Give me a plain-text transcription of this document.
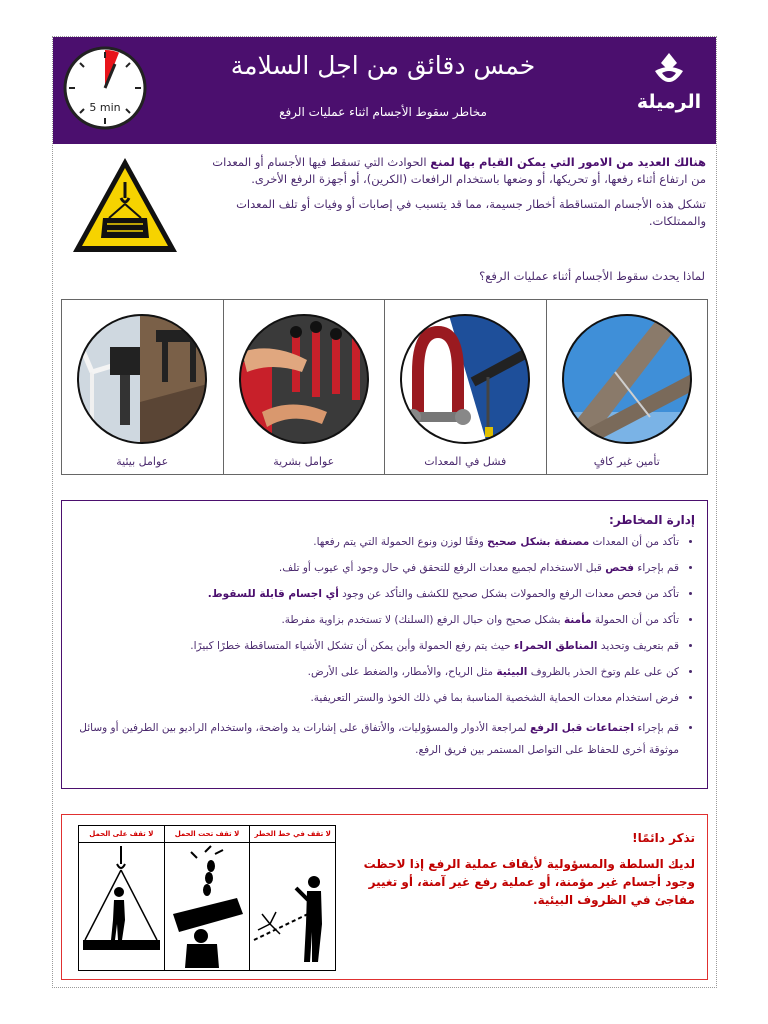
5 min
خمس دقائق من اجل السلامة
مخاطر سقوط الأجسام اثناء عمليات الرفع	الرميلة

هنالك العديد من الامور التي يمكن القيام بها لمنع الحوادث التي تسقط فيها الأجسام أو المعدات من ارتفاع أثناء رفعها، أو تحريكها، أو وضعها باستخدام الرافعات (الكرين)، أو أجهزة الرفع الأخرى.

تشكل هذه الأجسام المتساقطة أخطار جسيمة، مما قد يتسبب في إصابات أو وفيات أو تلف المعدات والممتلكات.

لماذا يحدث سقوط الأجسام أثناء عمليات الرفع؟
عوامل بيئية	عوامل بشرية	فشل في المعدات	تأمين غير كافٍ
إدارة المخاطر:
• تأكد من أن المعدات مصنفة بشكل صحيح وفقًا لوزن ونوع الحمولة التي يتم رفعها.
• قم بإجراء فحص قبل الاستخدام لجميع معدات الرفع للتحقق في حال وجود أي عيوب أو تلف.
• تأكد من فحص معدات الرفع والحمولات بشكل صحيح للكشف والتأكد عن وجود أي اجسام قابلة للسقوط.
• تأكد من أن الحمولة مأمنة بشكل صحيح وان حبال الرفع (السلنك) لا تستخدم بزاوية مفرطة.
• قم بتعريف وتحديد المناطق الحمراء حيث يتم رفع الحمولة وأين يمكن أن تشكل الأشياء المتساقطة خطرًا كبيرًا.
• كن على علم وتوخ الحذر بالظروف البيئية مثل الرياح، والأمطار، والضغط على الأرض.
• فرض استخدام معدات الحماية الشخصية المناسبة بما في ذلك الخوذ والستر التعريفية.
• قم بإجراء اجتماعات قبل الرفع لمراجعة الأدوار والمسؤوليات، والأتفاق على إشارات يد واضحة، واستخدام الراديو بين الطرفين أو وسائل موثوقة أخرى للحفاظ على التواصل المستمر بين فريق الرفع.
تذكر دائمًا!
لديك السلطة والمسؤولية لأيقاف عملية الرفع إذا لاحظت وجود أجسام غير مؤمنة، أو عملية رفع غير آمنة، أو تغيير مفاجئ في الظروف البيئية.
لا تقف على الحمل	لا تقف تحت الحمل	لا تقف في خط الخطر
